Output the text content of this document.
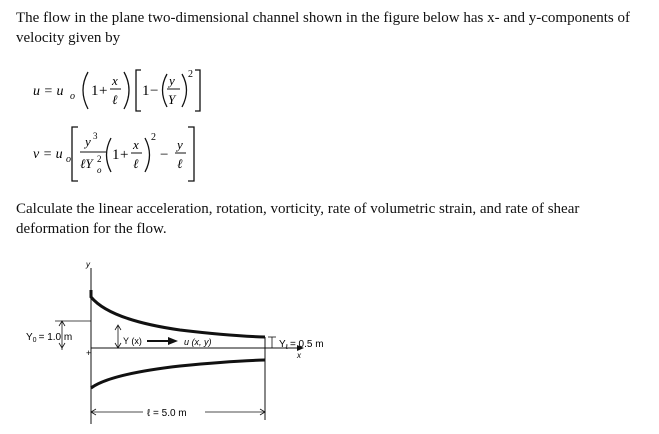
The flow in the plane two-dimensional channel shown in the figure below has x- and y-components of velocity given by

u = u o 1 +
x
ℓ
1 −
y
Y
2
v = u o
y 3
ℓY 2
o
1 +
x
ℓ
2
−
y
ℓ

Calculate the linear acceleration, rotation, vorticity, rate of volumetric strain, and rate of shear deformation for the flow.

y
x
$Y_0 = 1.0$ m
+
Y (x)	u (x, y)	$Y_\ell = 0.5$ m
ℓ = 5.0 m
